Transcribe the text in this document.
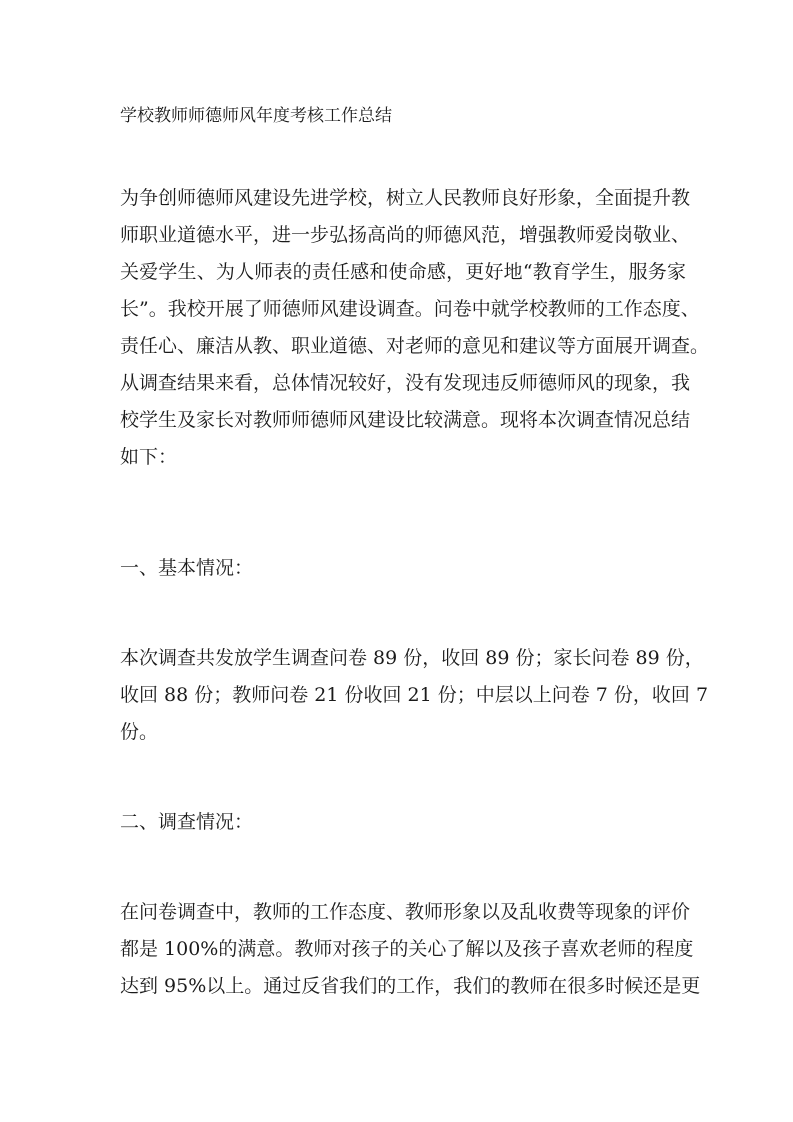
学校教师师德师风年度考核工作总结
为争创师德师风建设先进学校，树立人民教师良好形象，全面提升教
师职业道德水平，进一步弘扬高尚的师德风范，增强教师爱岗敬业、
关爱学生、为人师表的责任感和使命感，更好地“教育学生，服务家
长”。我校开展了师德师风建设调查。问卷中就学校教师的工作态度、
责任心、廉洁从教、职业道德、对老师的意见和建议等方面展开调查。
从调查结果来看，总体情况较好，没有发现违反师德师风的现象，我
校学生及家长对教师师德师风建设比较满意。现将本次调查情况总结
如下：
一、基本情况：
本次调查共发放学生调查问卷 89 份，收回 89 份；家长问卷 89 份，
收回 88 份；教师问卷 21 份收回 21 份；中层以上问卷 7 份，收回 7
份。
二、调查情况：
在问卷调查中，教师的工作态度、教师形象以及乱收费等现象的评价
都是 100%的满意。教师对孩子的关心了解以及孩子喜欢老师的程度
达到 95%以上。通过反省我们的工作，我们的教师在很多时候还是更
